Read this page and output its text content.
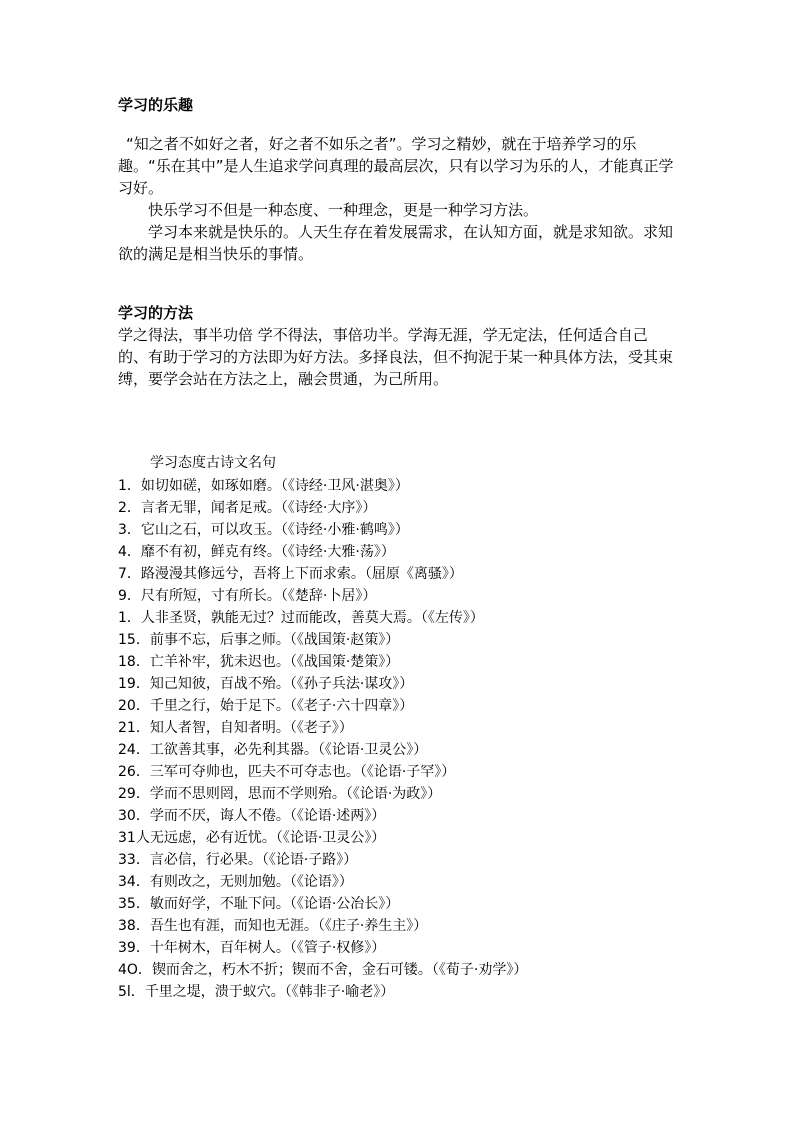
学习的乐趣

“知之者不如好之者，好之者不如乐之者”。学习之精妙，就在于培养学习的乐趣。“乐在其中”是人生追求学问真理的最高层次，只有以学习为乐的人，才能真正学习好。

快乐学习不但是一种态度、一种理念，更是一种学习方法。

学习本来就是快乐的。人天生存在着发展需求，在认知方面，就是求知欲。求知欲的满足是相当快乐的事情。

学习的方法

学之得法，事半功倍 学不得法，事倍功半。学海无涯，学无定法，任何适合自己的、有助于学习的方法即为好方法。多择良法，但不拘泥于某一种具体方法，受其束缚，要学会站在方法之上，融会贯通，为己所用。

学习态度古诗文名句
1．如切如磋，如琢如磨。（《诗经·卫风·湛奥》）
2．言者无罪，闻者足戒。（《诗经·大序》）
3．它山之石，可以攻玉。（《诗经·小雅·鹤鸣》）
4．靡不有初，鲜克有终。（《诗经·大雅·荡》）
7．路漫漫其修远兮，吾将上下而求索。（屈原《离骚》）
9．尺有所短，寸有所长。（《楚辞·卜居》）
1．人非圣贤，孰能无过？过而能改，善莫大焉。（《左传》）
15．前事不忘，后事之师。（《战国策·赵策》）
18．亡羊补牢，犹未迟也。（《战国策·楚策》）
19．知己知彼，百战不殆。（《孙子兵法·谋攻》）
20．千里之行，始于足下。（《老子·六十四章》）
21．知人者智，自知者明。（《老子》）
24．工欲善其事，必先利其器。（《论语·卫灵公》）
26．三军可夺帅也，匹夫不可夺志也。（《论语·子罕》）
29．学而不思则罔，思而不学则殆。（《论语·为政》）
30．学而不厌，诲人不倦。（《论语·述两》）
31人无远虑，必有近忧。（《论语·卫灵公》）
33．言必信，行必果。（《论语·子路》）
34．有则改之，无则加勉。（《论语》）
35．敏而好学，不耻下问。（《论语·公冶长》）
38．吾生也有涯，而知也无涯。（《庄子·养生主》）
39．十年树木，百年树人。（《管子·权修》）
4O．锲而舍之，朽木不折；锲而不舍，金石可镂。（《荀子·劝学》）
5l．千里之堤，溃于蚁穴。（《韩非子·喻老》）
